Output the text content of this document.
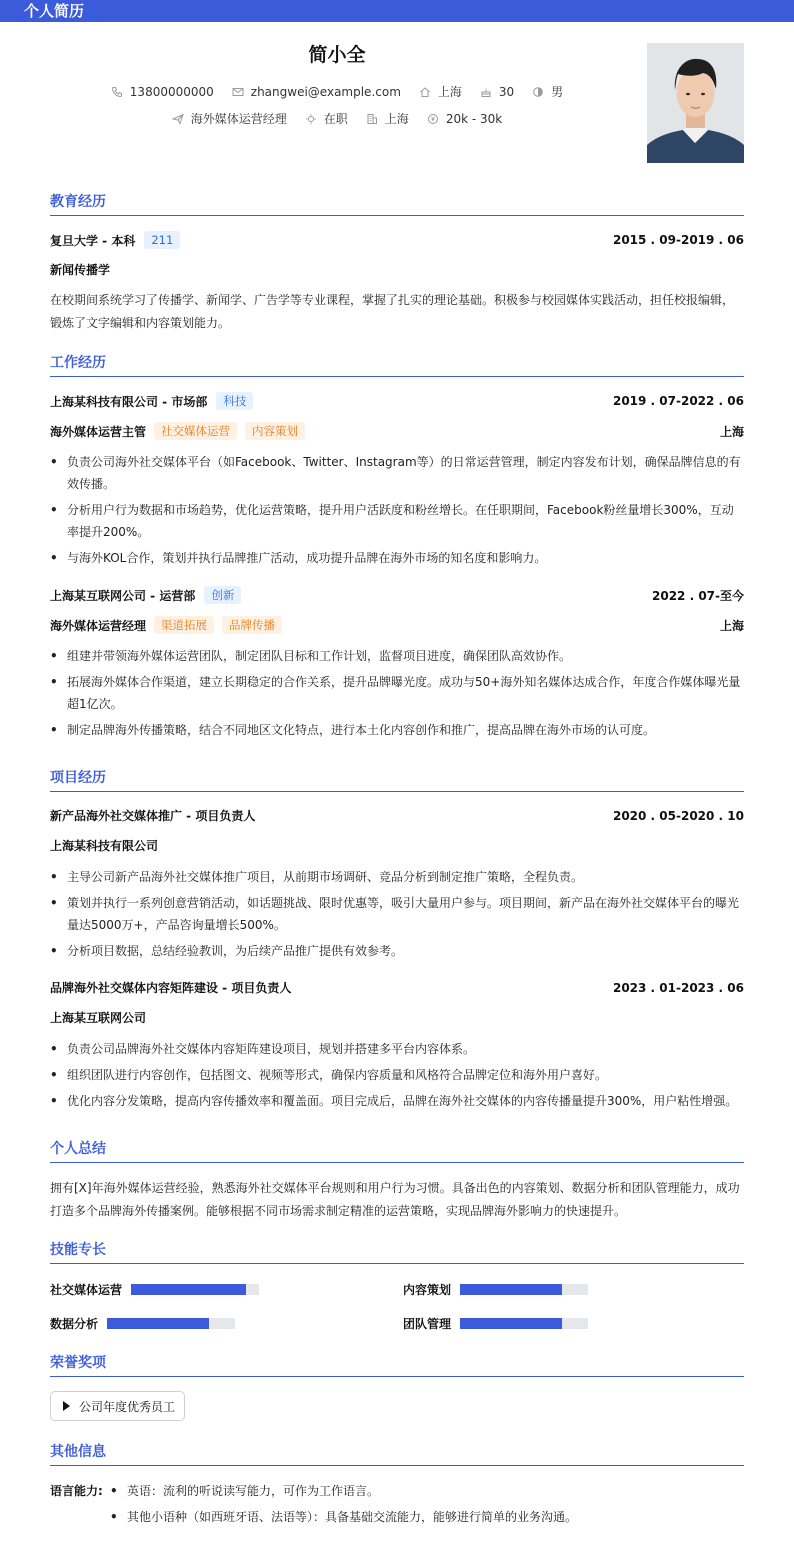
个人简历
简小全
13800000000	zhangwei@example.com	上海	30	男
海外媒体运营经理	在职	上海	20k - 30k
教育经历
复旦大学 - 本科	211	2015 . 09-2019 . 06
新闻传播学
在校期间系统学习了传播学、新闻学、广告学等专业课程，掌握了扎实的理论基础。积极参与校园媒体实践活动，担任校报编辑，锻炼了文字编辑和内容策划能力。
工作经历
上海某科技有限公司 - 市场部	科技	2019 . 07-2022 . 06
海外媒体运营主管	社交媒体运营	内容策划	上海
• 负责公司海外社交媒体平台（如Facebook、Twitter、Instagram等）的日常运营管理，制定内容发布计划，确保品牌信息的有效传播。
• 分析用户行为数据和市场趋势，优化运营策略，提升用户活跃度和粉丝增长。在任职期间，Facebook粉丝量增长300%，互动率提升200%。
• 与海外KOL合作，策划并执行品牌推广活动，成功提升品牌在海外市场的知名度和影响力。
上海某互联网公司 - 运营部	创新	2022 . 07-至今
海外媒体运营经理	渠道拓展	品牌传播	上海
• 组建并带领海外媒体运营团队，制定团队目标和工作计划，监督项目进度，确保团队高效协作。
• 拓展海外媒体合作渠道，建立长期稳定的合作关系，提升品牌曝光度。成功与50+海外知名媒体达成合作，年度合作媒体曝光量超1亿次。
• 制定品牌海外传播策略，结合不同地区文化特点，进行本土化内容创作和推广，提高品牌在海外市场的认可度。
项目经历
新产品海外社交媒体推广 - 项目负责人	2020 . 05-2020 . 10
上海某科技有限公司
• 主导公司新产品海外社交媒体推广项目，从前期市场调研、竞品分析到制定推广策略，全程负责。
• 策划并执行一系列创意营销活动，如话题挑战、限时优惠等，吸引大量用户参与。项目期间，新产品在海外社交媒体平台的曝光量达5000万+，产品咨询量增长500%。
• 分析项目数据，总结经验教训，为后续产品推广提供有效参考。
品牌海外社交媒体内容矩阵建设 - 项目负责人	2023 . 01-2023 . 06
上海某互联网公司
• 负责公司品牌海外社交媒体内容矩阵建设项目，规划并搭建多平台内容体系。
• 组织团队进行内容创作，包括图文、视频等形式，确保内容质量和风格符合品牌定位和海外用户喜好。
• 优化内容分发策略，提高内容传播效率和覆盖面。项目完成后，品牌在海外社交媒体的内容传播量提升300%，用户粘性增强。
个人总结
拥有[X]年海外媒体运营经验，熟悉海外社交媒体平台规则和用户行为习惯。具备出色的内容策划、数据分析和团队管理能力，成功打造多个品牌海外传播案例。能够根据不同市场需求制定精准的运营策略，实现品牌海外影响力的快速提升。
技能专长
社交媒体运营	内容策划
数据分析	团队管理
荣誉奖项
公司年度优秀员工
其他信息
语言能力:
•	英语：流利的听说读写能力，可作为工作语言。
• 其他小语种（如西班牙语、法语等）：具备基础交流能力，能够进行简单的业务沟通。
